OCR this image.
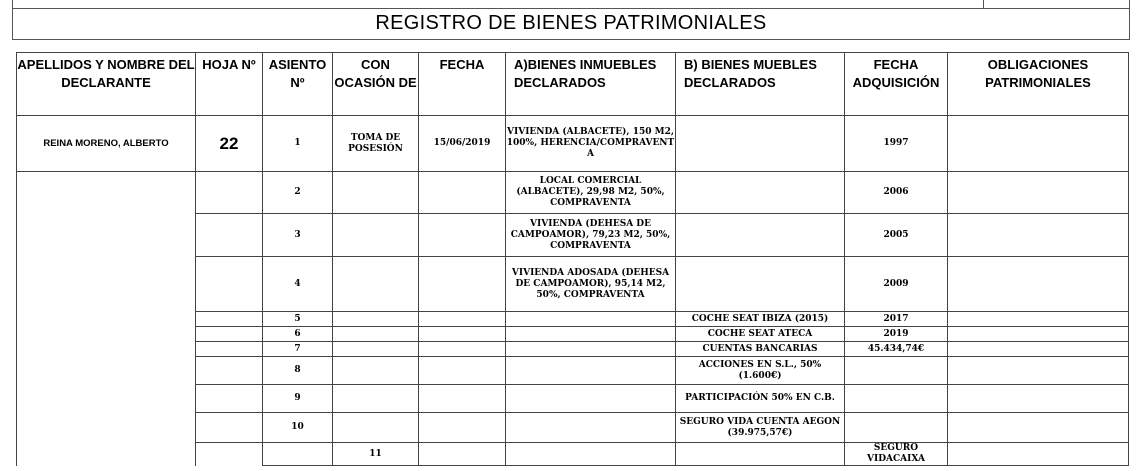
REGISTRO DE BIENES PATRIMONIALES
APELLIDOS Y NOMBRE DEL DECLARANTE	HOJA Nº	ASIENTO Nº	CON OCASIÓN DE	FECHA	A)BIENES INMUEBLES DECLARADOS	B) BIENES MUEBLES DECLARADOS	FECHA ADQUISICIÓN	OBLIGACIONES PATRIMONIALES	
REINA MORENO, ALBERTO	22	1	TOMA DE POSESIÓN	15/06/2019	VIVIENDA (ALBACETE), 150 M2, 100%, HERENCIA/COMPRAVENT A		1997		
		2			LOCAL COMERCIAL (ALBACETE), 29,98 M2, 50%, COMPRAVENTA		2006		
		3			VIVIENDA (DEHESA DE CAMPOAMOR), 79,23 M2, 50%, COMPRAVENTA		2005		
		4			VIVIENDA ADOSADA (DEHESA DE CAMPOAMOR), 95,14 M2, 50%, COMPRAVENTA		2009		
		5				COCHE SEAT IBIZA (2015)	2017		
		6				COCHE SEAT ATECA	2019		
		7				CUENTAS BANCARIAS	45.434,74€		
		8				ACCIONES EN S.L., 50% (1.600€)			
		9				PARTICIPACIÓN 50% EN C.B.			
		10				SEGURO VIDA CUENTA AEGON (39.975,57€)			
			11				SEGURO VIDACAIXA		
